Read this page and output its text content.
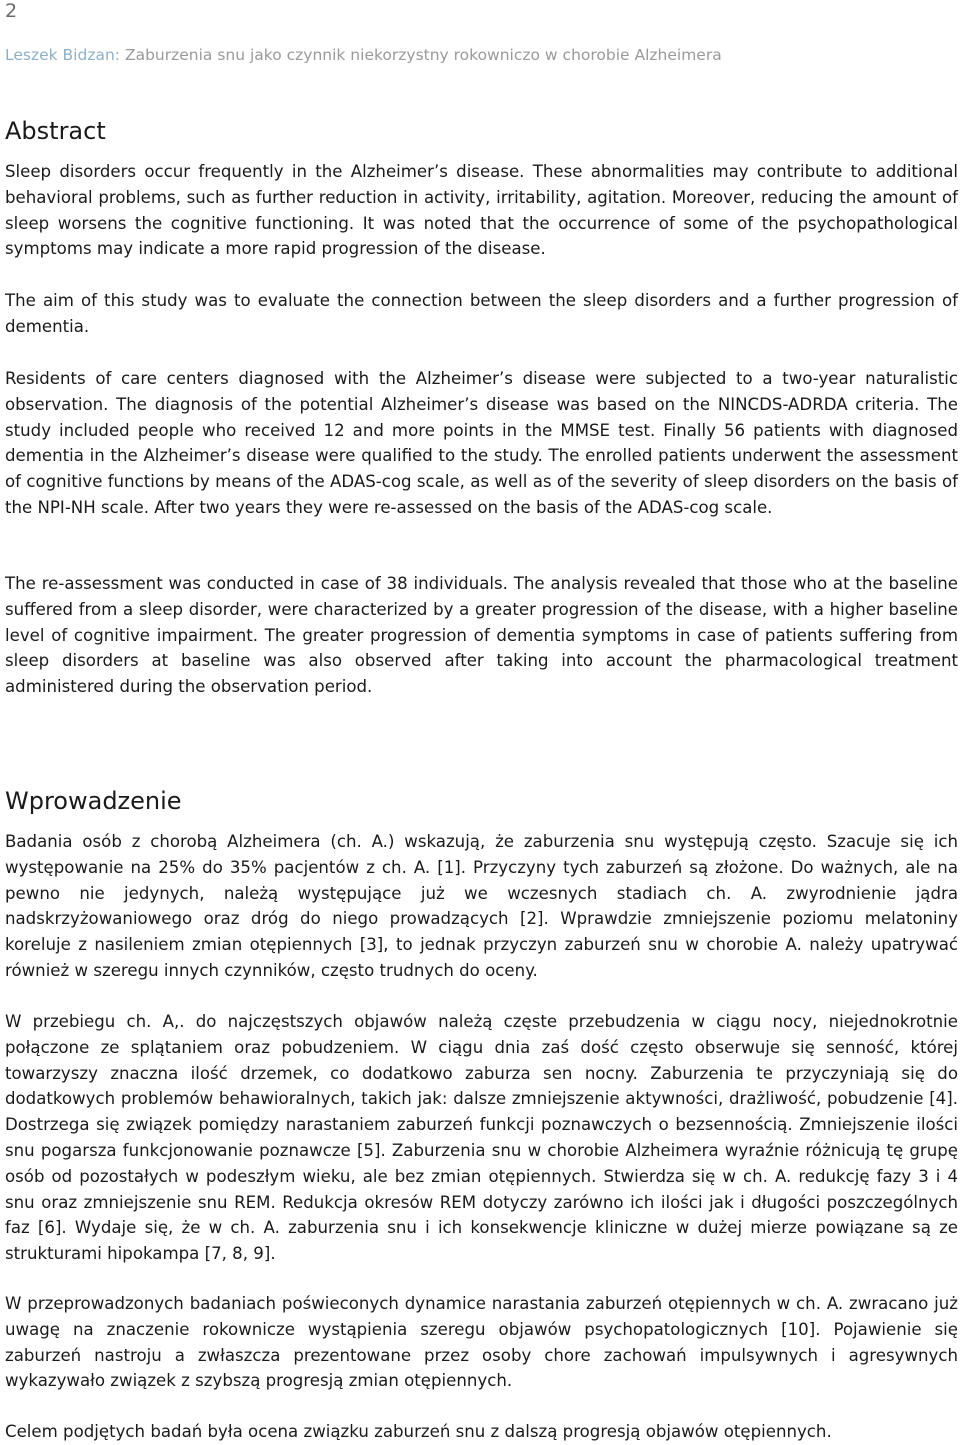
2
Leszek Bidzan: Zaburzenia snu jako czynnik niekorzystny rokowniczo w chorobie Alzheimera
Abstract

Sleep disorders occur frequently in the Alzheimer’s disease. These abnormalities may contribute to additional behavioral problems, such as further reduction in activity, irritability, agitation. Moreover, reducing the amount of sleep worsens the cognitive functioning. It was noted that the occurrence of some of the psychopathological symptoms may indicate a more rapid progression of the disease.

The aim of this study was to evaluate the connection between the sleep disorders and a further progression of dementia.

Residents of care centers diagnosed with the Alzheimer’s disease were subjected to a two-year naturalistic observation. The diagnosis of the potential Alzheimer’s disease was based on the NINCDS-ADRDA criteria. The study included people who received 12 and more points in the MMSE test. Finally 56 patients with diagnosed dementia in the Alzheimer’s disease were qualified to the study. The enrolled patients underwent the assessment of cognitive functions by means of the ADAS-cog scale, as well as of the severity of sleep disorders on the basis of the NPI-NH scale. After two years they were re-assessed on the basis of the ADAS-cog scale.

The re-assessment was conducted in case of 38 individuals. The analysis revealed that those who at the baseline suffered from a sleep disorder, were characterized by a greater progression of the disease, with a higher baseline level of cognitive impairment. The greater progression of dementia symptoms in case of patients suffering from sleep disorders at baseline was also observed after taking into account the pharmacological treatment administered during the observation period.

Wprowadzenie

Badania osób z chorobą Alzheimera (ch. A.) wskazują, że zaburzenia snu występują często. Szacuje się ich występowanie na 25% do 35% pacjentów z ch. A. [1]. Przyczyny tych zaburzeń są złożone. Do ważnych, ale na pewno nie jedynych, należą występujące już we wczesnych stadiach ch. A. zwyrodnienie jądra nadskrzyżowaniowego oraz dróg do niego prowadzących [2]. Wprawdzie zmniejszenie poziomu melatoniny koreluje z nasileniem zmian otępiennych [3], to jednak przyczyn zaburzeń snu w chorobie A. należy upatrywać również w szeregu innych czynników, często trudnych do oceny.

W przebiegu ch. A,. do najczęstszych objawów należą częste przebudzenia w ciągu nocy, niejednokrotnie połączone ze splątaniem oraz pobudzeniem. W ciągu dnia zaś dość często obserwuje się senność, której towarzyszy znaczna ilość drzemek, co dodatkowo zaburza sen nocny. Zaburzenia te przyczyniają się do dodatkowych problemów behawioralnych, takich jak: dalsze zmniejszenie aktywności, drażliwość, pobudzenie [4]. Dostrzega się związek pomiędzy narastaniem zaburzeń funkcji poznawczych o bezsennością. Zmniejszenie ilości snu pogarsza funkcjonowanie poznawcze [5]. Zaburzenia snu w chorobie Alzheimera wyraźnie różnicują tę grupę osób od pozostałych w podeszłym wieku, ale bez zmian otępiennych. Stwierdza się w ch. A. redukcję fazy 3 i 4 snu oraz zmniejszenie snu REM. Redukcja okresów REM dotyczy zarówno ich ilości jak i długości poszczególnych faz [6]. Wydaje się, że w ch. A. zaburzenia snu i ich konsekwencje kliniczne w dużej mierze powiązane są ze strukturami hipokampa [7, 8, 9].

W przeprowadzonych badaniach poświeconych dynamice narastania zaburzeń otępiennych w ch. A. zwracano już uwagę na znaczenie rokownicze wystąpienia szeregu objawów psychopatologicznych [10]. Pojawienie się zaburzeń nastroju a zwłaszcza prezentowane przez osoby chore zachowań impulsywnych i agresywnych wykazywało związek z szybszą progresją zmian otępiennych.

Celem podjętych badań była ocena związku zaburzeń snu z dalszą progresją objawów otępiennych.
